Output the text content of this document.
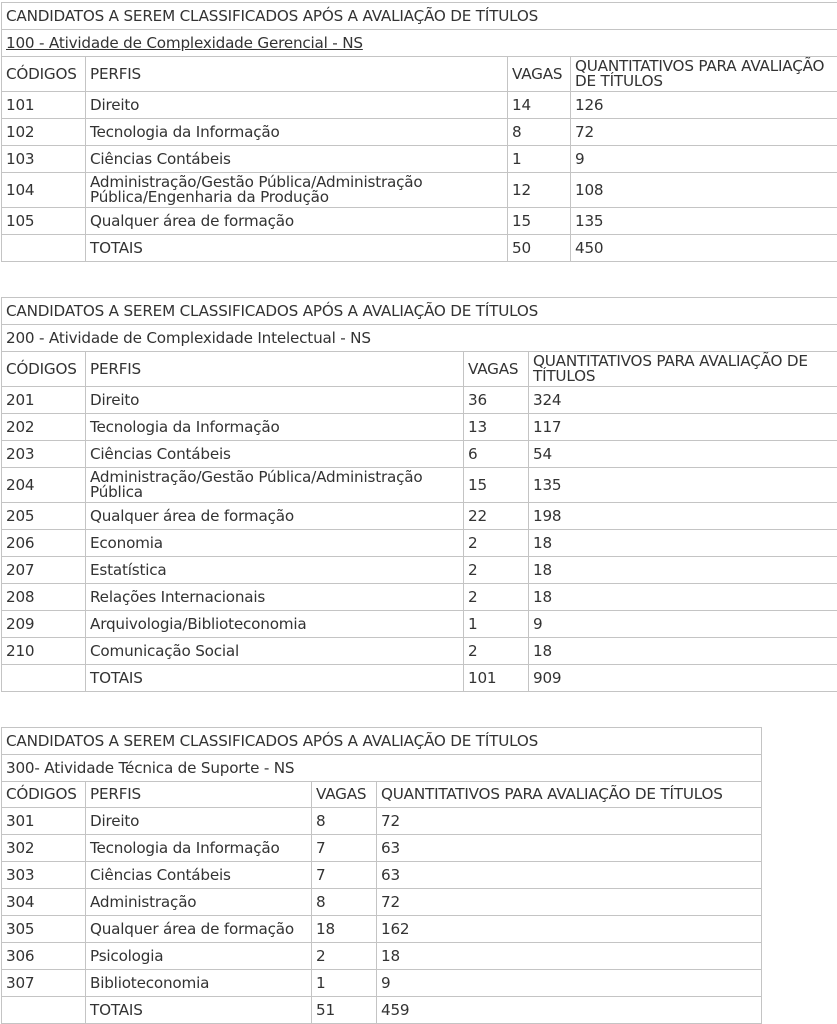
CANDIDATOS A SEREM CLASSIFICADOS APÓS A AVALIAÇÃO DE TÍTULOS			
100 - Atividade de Complexidade Gerencial - NS			
CÓDIGOS	PERFIS	VAGAS	QUANTITATIVOS PARA AVALIAÇÃO DE TÍTULOS
101	Direito	14	126
102	Tecnologia da Informação	8	72
103	Ciências Contábeis	1	9
104	Administração/Gestão Pública/Administração Pública/Engenharia da Produção	12	108
105	Qualquer área de formação	15	135
	TOTAIS	50	450
CANDIDATOS A SEREM CLASSIFICADOS APÓS A AVALIAÇÃO DE TÍTULOS			
200 - Atividade de Complexidade Intelectual - NS			
CÓDIGOS	PERFIS	VAGAS	QUANTITATIVOS PARA AVALIAÇÃO DE TÍTULOS
201	Direito	36	324
202	Tecnologia da Informação	13	117
203	Ciências Contábeis	6	54
204	Administração/Gestão Pública/Administração Pública	15	135
205	Qualquer área de formação	22	198
206	Economia	2	18
207	Estatística	2	18
208	Relações Internacionais	2	18
209	Arquivologia/Biblioteconomia	1	9
210	Comunicação Social	2	18
	TOTAIS	101	909
CANDIDATOS A SEREM CLASSIFICADOS APÓS A AVALIAÇÃO DE TÍTULOS			
300- Atividade Técnica de Suporte - NS			
CÓDIGOS	PERFIS	VAGAS	QUANTITATIVOS PARA AVALIAÇÃO DE TÍTULOS
301	Direito	8	72
302	Tecnologia da Informação	7	63
303	Ciências Contábeis	7	63
304	Administração	8	72
305	Qualquer área de formação	18	162
306	Psicologia	2	18
307	Biblioteconomia	1	9
	TOTAIS	51	459
